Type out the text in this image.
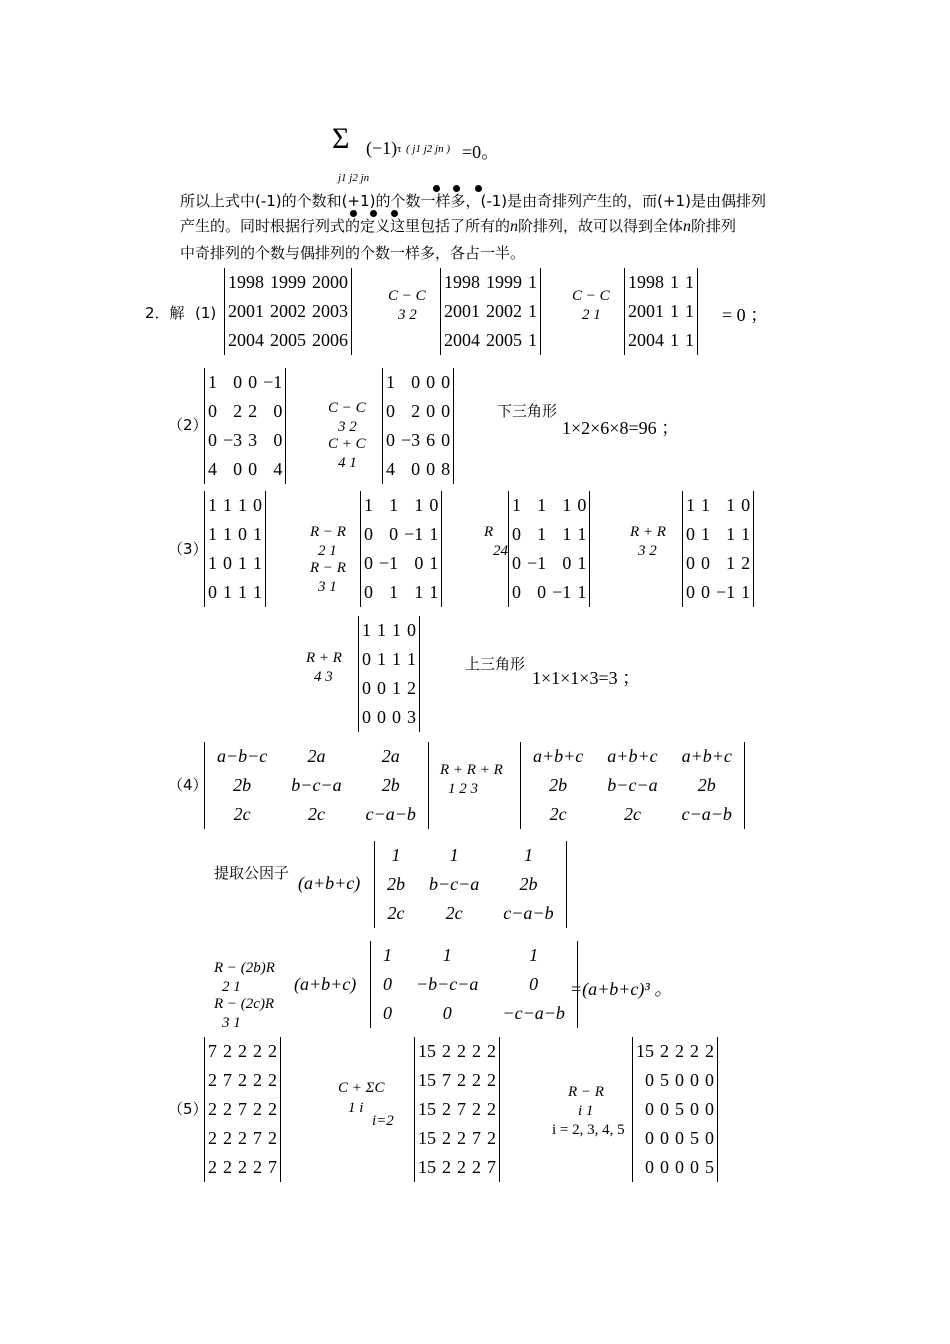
Σ (−1) τ ( j1 j2 jn ) =0。
j1 j2 jn
所以上式中(-1)的个数和(+1)的个数一样多，(-1)是由奇排列产生的，而(+1)是由偶排列
产生的。同时根据行列式的定义这里包括了所有的n阶排列，故可以得到全体n阶排列
中奇排列的个数与偶排列的个数一样多，各占一半。
2．解 (1)
1998	1999	2000
2001	2002	2003
2004	2005	2006
C − C
3 2
1998	1999	1
2001	2002	1
2004	2005	1
C − C
2 1
1998	1	1
2001	1	1
2004	1	1
= 0 ；
（2）
1	0	0	−1
0	2	2	0
0	−3	3	0
4	0	0	4
C − C
3 2
C + C
4 1
1	0	0	0
0	2	0	0
0	−3	6	0
4	0	0	8
下三角形
1×2×6×8=96 ；
（3）
1	1	1	0
1	1	0	1
1	0	1	1
0	1	1	1
R − R
2 1
R − R
3 1
1	1	1	0
0	0	−1	1
0	−1	0	1
0	1	1	1
R
24
1	1	1	0
0	1	1	1
0	−1	0	1
0	0	−1	1
R + R
3 2
1	1	1	0
0	1	1	1
0	0	1	2
0	0	−1	1
R + R
4 3
1	1	1	0
0	1	1	1
0	0	1	2
0	0	0	3
上三角形
1×1×1×3=3 ；
（4）
a−b−c	2a	2a
2b	b−c−a	2b
2c	2c	c−a−b
R + R + R
1 2 3
a+b+c	a+b+c	a+b+c
2b	b−c−a	2b
2c	2c	c−a−b
提取公因子 (a+b+c)
1	1	1
2b	b−c−a	2b
2c	2c	c−a−b
R − (2b)R
2 1
R − (2c)R
3 1
(a+b+c)
1	1	1
0	−b−c−a	0
0	0	−c−a−b
=(a+b+c)³ 。
（5）
7	2	2	2	2
2	7	2	2	2
2	2	7	2	2
2	2	2	7	2
2	2	2	2	7
C + ΣC
1 i
i=2
15	2	2	2	2
15	7	2	2	2
15	2	7	2	2
15	2	2	7	2
15	2	2	2	7
R − R
i 1
i = 2, 3, 4, 5
15	2	2	2	2
0	5	0	0	0
0	0	5	0	0
0	0	0	5	0
0	0	0	0	5
